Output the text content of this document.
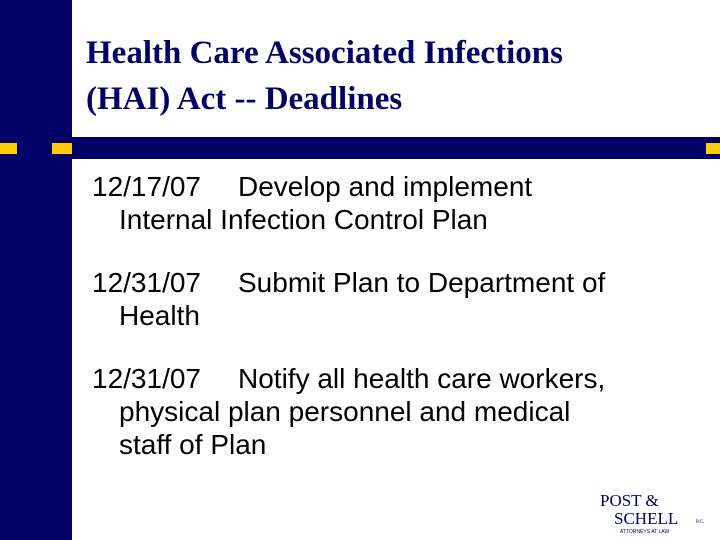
Health Care Associated Infections
(HAI) Act -- Deadlines
12/17/07 Develop and implement
Internal Infection Control Plan
12/31/07 Submit Plan to Department of
Health
12/31/07 Notify all health care workers,
physical plan personnel and medical
staff of Plan
POST &
SCHELL	P.C.
ATTORNEYS AT LAW
